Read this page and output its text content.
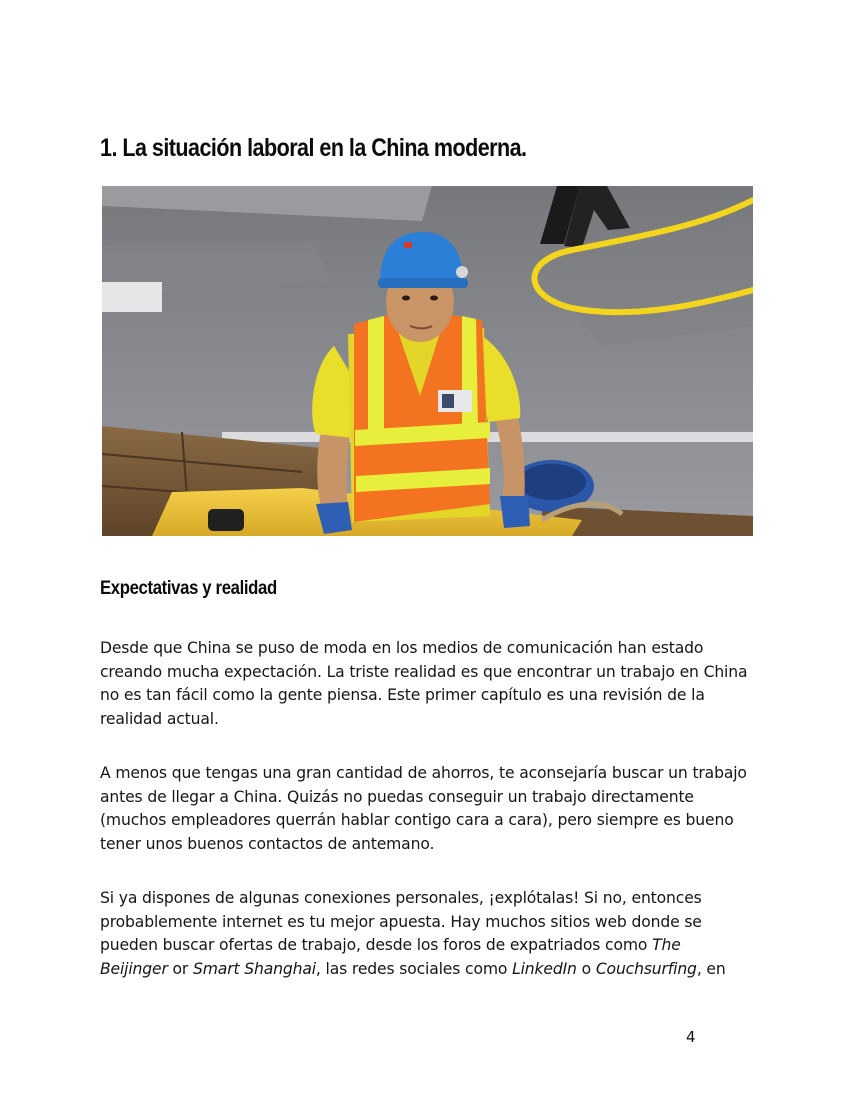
1. La situación laboral en la China moderna.
Expectativas y realidad

Desde que China se puso de moda en los medios de comunicación han estado creando mucha expectación. La triste realidad es que encontrar un trabajo en China no es tan fácil como la gente piensa. Este primer capítulo es una revisión de la realidad actual.

A menos que tengas una gran cantidad de ahorros, te aconsejaría buscar un trabajo antes de llegar a China. Quizás no puedas conseguir un trabajo directamente (muchos empleadores querrán hablar contigo cara a cara), pero siempre es bueno tener unos buenos contactos de antemano.

Si ya dispones de algunas conexiones personales, ¡explótalas! Si no, entonces probablemente internet es tu mejor apuesta. Hay muchos sitios web donde se pueden buscar ofertas de trabajo, desde los foros de expatriados como The Beijinger or Smart Shanghai, las redes sociales como LinkedIn o Couchsurfing, en

4
